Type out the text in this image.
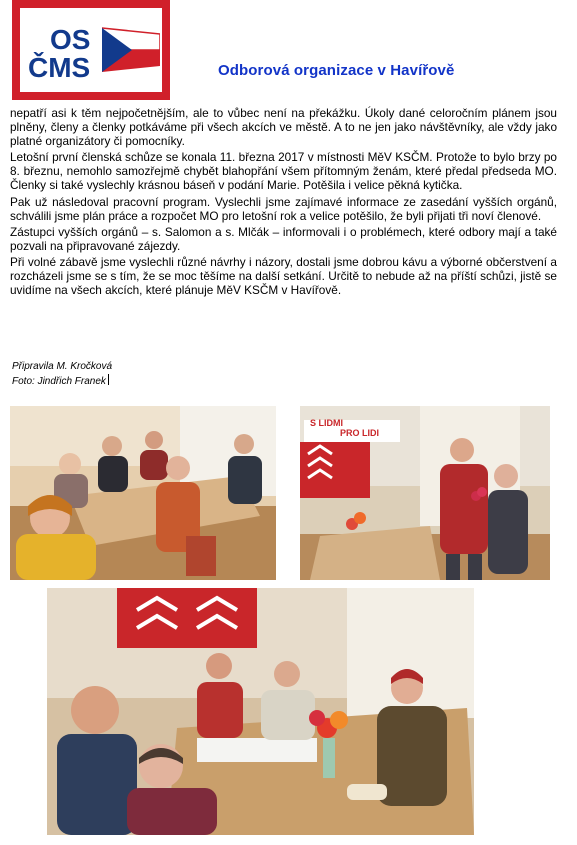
OS
ČMS	Odborová organizace v Havířově

nepatří asi k těm nejpočetnějším, ale to vůbec není na překážku. Úkoly dané celoročním plánem jsou plněny, členy a členky potkáváme při všech akcích ve městě. A to ne jen jako návštěvníky, ale vždy jako platné organizátory či pomocníky.

Letošní první členská schůze se konala 11. března 2017 v místnosti MěV KSČM. Protože to bylo brzy po 8. březnu, nemohlo samozřejmě chybět blahopřání všem přítomným ženám, které předal předseda MO. Členky si také vyslechly krásnou báseň v podání Marie. Potěšila i velice pěkná kytička.

Pak už následoval pracovní program. Vyslechli jsme zajímavé informace ze zasedání vyšších orgánů, schválili jsme plán práce a rozpočet MO pro letošní rok a velice potěšilo, že byli přijati tři noví členové.

Zástupci vyšších orgánů – s. Salomon a s. Mlčák – informovali i o problémech, které odbory mají a také pozvali na připravované zájezdy.

Při volné zábavě jsme vyslechli různé návrhy i názory, dostali jsme dobrou kávu a výborné občerstvení a rozcházeli jsme se s tím, že se moc těšíme na další setkání. Určitě to nebude až na příští schůzi, jistě se uvidíme na všech akcích, které plánuje MěV KSČM v Havířově.

Připravila M. Kročková
Foto: Jindřich Franek
S LIDMI
PRO LIDI
